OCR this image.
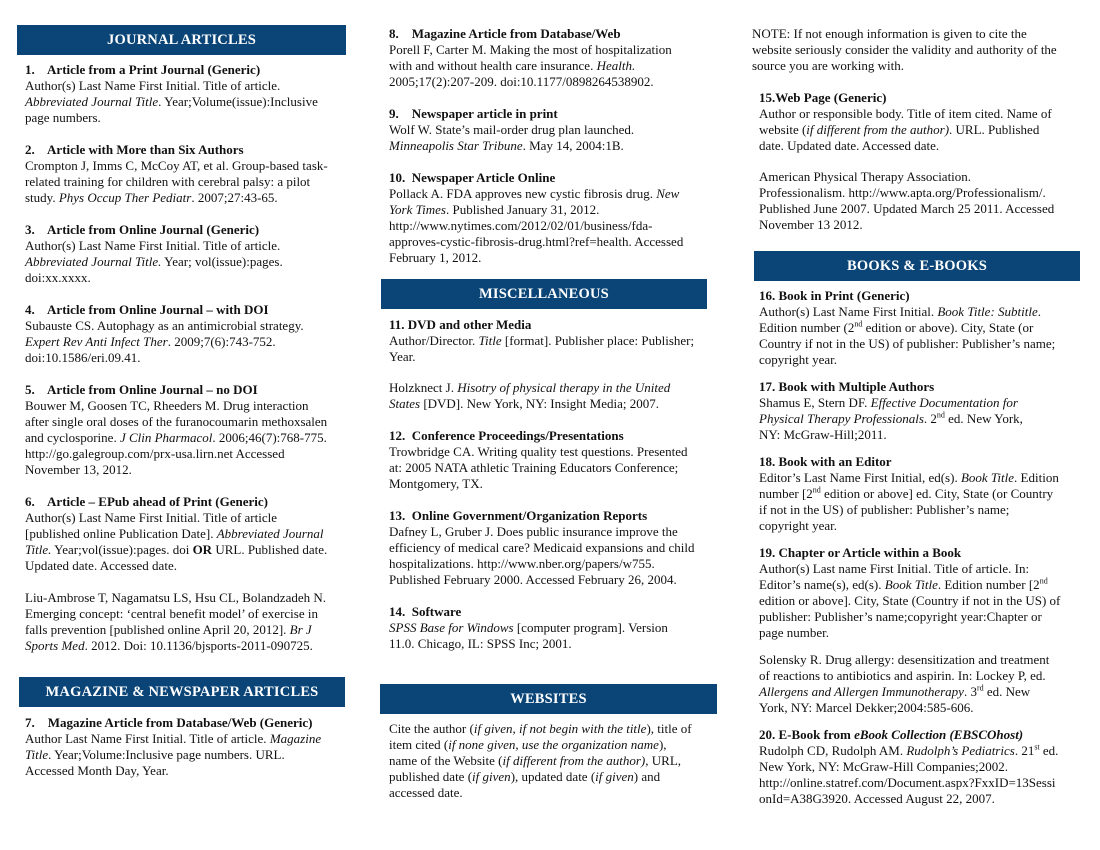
JOURNAL ARTICLES

1.    Article from a Print Journal (Generic)

Author(s) Last Name First Initial. Title of article.

Abbreviated Journal Title. Year;Volume(issue):Inclusive

page numbers.

2.    Article with More than Six Authors

Crompton J, Imms C, McCoy AT, et al. Group-based task-

related training for children with cerebral palsy: a pilot

study. Phys Occup Ther Pediatr. 2007;27:43-65.

3.    Article from Online Journal (Generic)

Author(s) Last Name First Initial. Title of article.

Abbreviated Journal Title. Year; vol(issue):pages.

doi:xx.xxxx.

4.    Article from Online Journal – with DOI

Subauste CS. Autophagy as an antimicrobial strategy.

Expert Rev Anti Infect Ther. 2009;7(6):743-752.

doi:10.1586/eri.09.41.

5.    Article from Online Journal – no DOI

Bouwer M, Goosen TC, Rheeders M. Drug interaction

after single oral doses of the furanocoumarin methoxsalen

and cyclosporine. J Clin Pharmacol. 2006;46(7):768-775.

http://go.galegroup.com/prx-usa.lirn.net Accessed

November 13, 2012.

6.    Article – EPub ahead of Print (Generic)

Author(s) Last Name First Initial. Title of article

[published online Publication Date]. Abbreviated Journal

Title. Year;vol(issue):pages. doi OR URL. Published date.

Updated date. Accessed date.

Liu-Ambrose T, Nagamatsu LS, Hsu CL, Bolandzadeh N.

Emerging concept: ‘central benefit model’ of exercise in

falls prevention [published online April 20, 2012]. Br J

Sports Med. 2012. Doi: 10.1136/bjsports-2011-090725.

MAGAZINE & NEWSPAPER ARTICLES

7.    Magazine Article from Database/Web (Generic)

Author Last Name First Initial. Title of article. Magazine

Title. Year;Volume:Inclusive page numbers. URL.

Accessed Month Day, Year.

8.    Magazine Article from Database/Web

Porell F, Carter M. Making the most of hospitalization

with and without health care insurance. Health.

2005;17(2):207-209. doi:10.1177/0898264538902.

9.    Newspaper article in print

Wolf W. State’s mail-order drug plan launched.

Minneapolis Star Tribune. May 14, 2004:1B.

10.  Newspaper Article Online

Pollack A. FDA approves new cystic fibrosis drug. New

York Times. Published January 31, 2012.

http://www.nytimes.com/2012/02/01/business/fda-

approves-cystic-fibrosis-drug.html?ref=health. Accessed

February 1, 2012.

MISCELLANEOUS

11. DVD and other Media

Author/Director. Title [format]. Publisher place: Publisher;

Year.

Holzknect J. Hisotry of physical therapy in the United

States [DVD]. New York, NY: Insight Media; 2007.

12.  Conference Proceedings/Presentations

Trowbridge CA. Writing quality test questions. Presented

at: 2005 NATA athletic Training Educators Conference;

Montgomery, TX.

13.  Online Government/Organization Reports

Dafney L, Gruber J. Does public insurance improve the

efficiency of medical care? Medicaid expansions and child

hospitalizations. http://www.nber.org/papers/w755.

Published February 2000. Accessed February 26, 2004.

14.  Software

SPSS Base for Windows [computer program]. Version

11.0. Chicago, IL: SPSS Inc; 2001.

WEBSITES

Cite the author (if given, if not begin with the title), title of

item cited (if none given, use the organization name),

name of the Website (if different from the author), URL,

published date (if given), updated date (if given) and

accessed date.

NOTE: If not enough information is given to cite the

website seriously consider the validity and authority of the

source you are working with.

15.Web Page (Generic)

Author or responsible body. Title of item cited. Name of

website (if different from the author). URL. Published

date. Updated date. Accessed date.

American Physical Therapy Association.

Professionalism. http://www.apta.org/Professionalism/.

Published June 2007. Updated March 25 2011. Accessed

November 13 2012.

BOOKS & E-BOOKS

16. Book in Print (Generic)

Author(s) Last Name First Initial. Book Title: Subtitle.

Edition number (2nd edition or above). City, State (or

Country if not in the US) of publisher: Publisher’s name;

copyright year.

17. Book with Multiple Authors

Shamus E, Stern DF. Effective Documentation for

Physical Therapy Professionals. 2nd ed. New York,

NY: McGraw-Hill;2011.

18. Book with an Editor

Editor’s Last Name First Initial, ed(s). Book Title. Edition

number [2nd edition or above] ed. City, State (or Country

if not in the US) of publisher: Publisher’s name;

copyright year.

19. Chapter or Article within a Book

Author(s) Last name First Initial. Title of article. In:

Editor’s name(s), ed(s). Book Title. Edition number [2nd

edition or above]. City, State (Country if not in the US) of

publisher: Publisher’s name;copyright year:Chapter or

page number.

Solensky R. Drug allergy: desensitization and treatment

of reactions to antibiotics and aspirin. In: Lockey P, ed.

Allergens and Allergen Immunotherapy. 3rd ed. New

York, NY: Marcel Dekker;2004:585-606.

20. E-Book from eBook Collection (EBSCOhost)

Rudolph CD, Rudolph AM. Rudolph’s Pediatrics. 21st ed.

New York, NY: McGraw-Hill Companies;2002.

http://online.statref.com/Document.aspx?FxxID=13Sessi

onId=A38G3920. Accessed August 22, 2007.
